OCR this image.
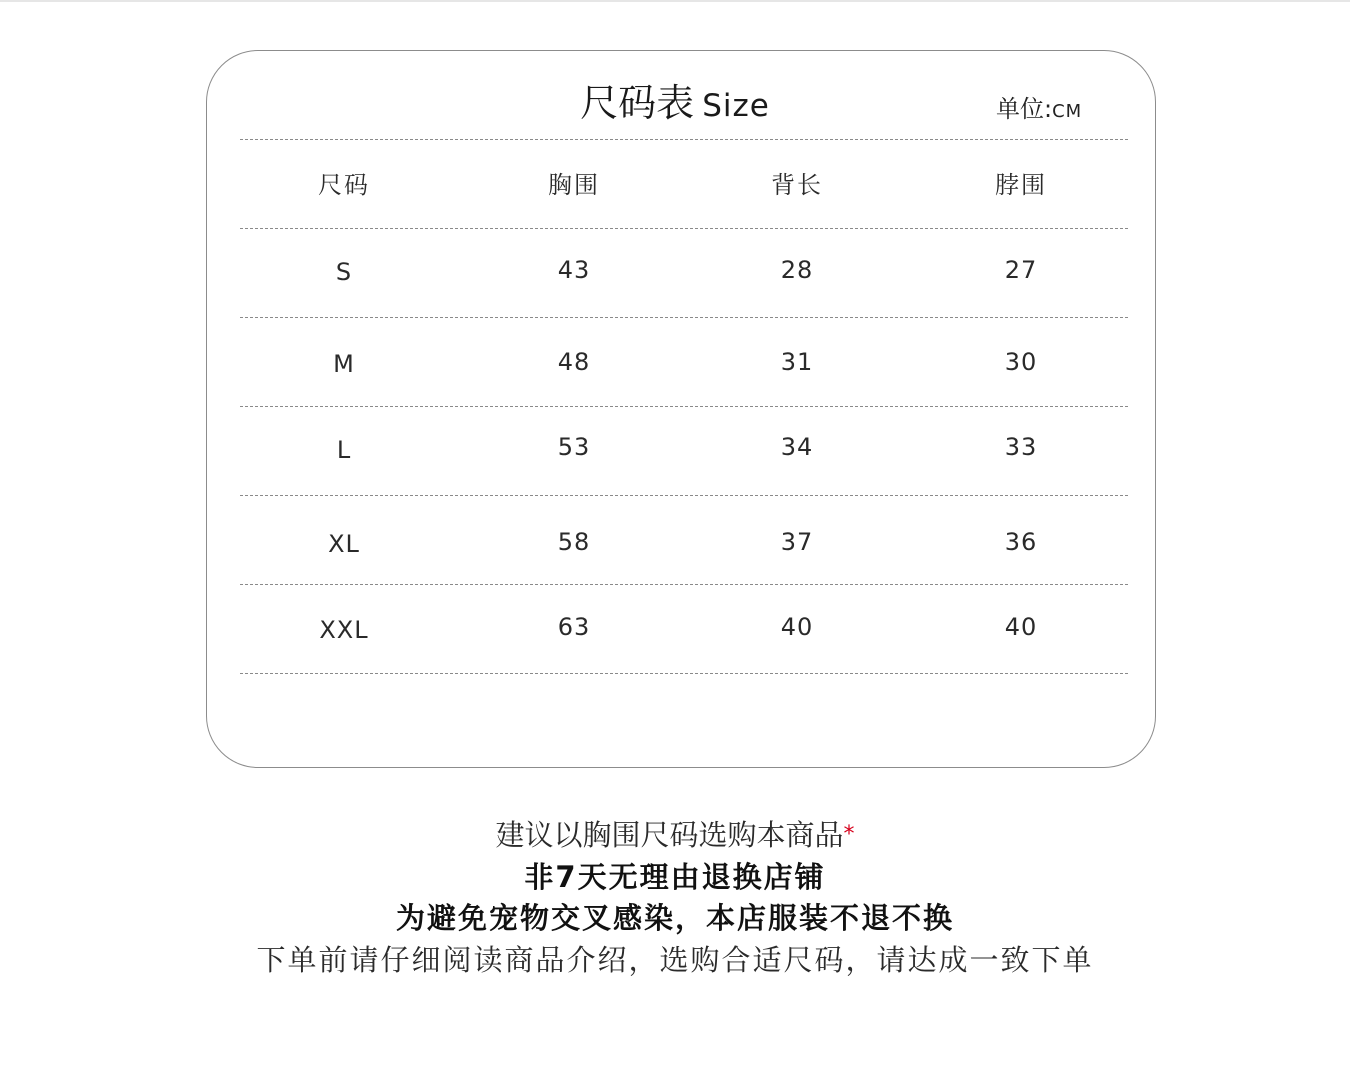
尺码表 Size	单位:CM
尺码	胸围	背长	脖围
S	43	28	27
M	48	31	30
L	53	34	33
XL	58	37	36
XXL	63	40	40
建议以胸围尺码选购本商品*
非7天无理由退换店铺
为避免宠物交叉感染，本店服装不退不换
下单前请仔细阅读商品介绍，选购合适尺码，请达成一致下单
